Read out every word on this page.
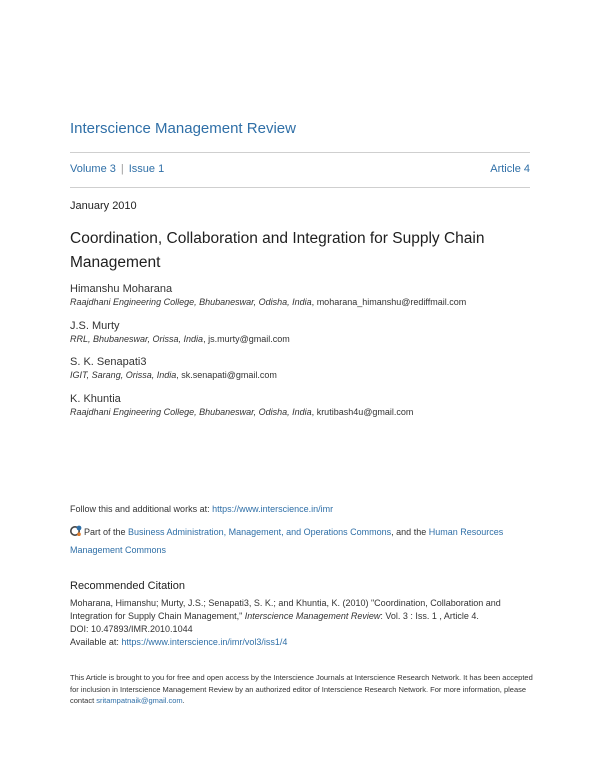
Interscience Management Review
Volume 3 | Issue 1	Article 4
January 2010
Coordination, Collaboration and Integration for Supply Chain Management
Himanshu Moharana
Raajdhani Engineering College, Bhubaneswar, Odisha, India, moharana_himanshu@rediffmail.com
J.S. Murty
RRL, Bhubaneswar, Orissa, India, js.murty@gmail.com
S. K. Senapati3
IGIT, Sarang, Orissa, India, sk.senapati@gmail.com
K. Khuntia
Raajdhani Engineering College, Bhubaneswar, Odisha, India, krutibash4u@gmail.com
Follow this and additional works at: https://www.interscience.in/imr
Part of the Business Administration, Management, and Operations Commons, and the Human Resources Management Commons
Recommended Citation
Moharana, Himanshu; Murty, J.S.; Senapati3, S. K.; and Khuntia, K. (2010) "Coordination, Collaboration and Integration for Supply Chain Management," Interscience Management Review: Vol. 3 : Iss. 1 , Article 4.
DOI: 10.47893/IMR.2010.1044
Available at: https://www.interscience.in/imr/vol3/iss1/4
This Article is brought to you for free and open access by the Interscience Journals at Interscience Research Network. It has been accepted for inclusion in Interscience Management Review by an authorized editor of Interscience Research Network. For more information, please contact sritampatnaik@gmail.com.
